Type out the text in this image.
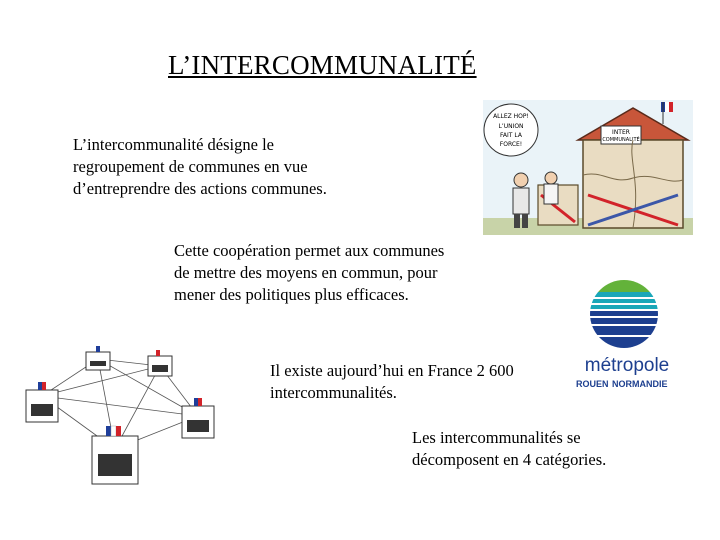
L’INTERCOMMUNALITÉ
L’intercommunalité désigne le regroupement de communes en vue d’entreprendre des actions communes.
Cette coopération permet aux communes de mettre des moyens en commun, pour mener des politiques plus efficaces.
Il existe aujourd’hui en France 2 600 intercommunalités.
Les intercommunalités se décomposent en 4 catégories.
INTER
COMMUNALITÉ
ALLEZ HOP!
L’UNION
FAIT LA
FORCE!
métropole
ROUEN NORMANDIE
